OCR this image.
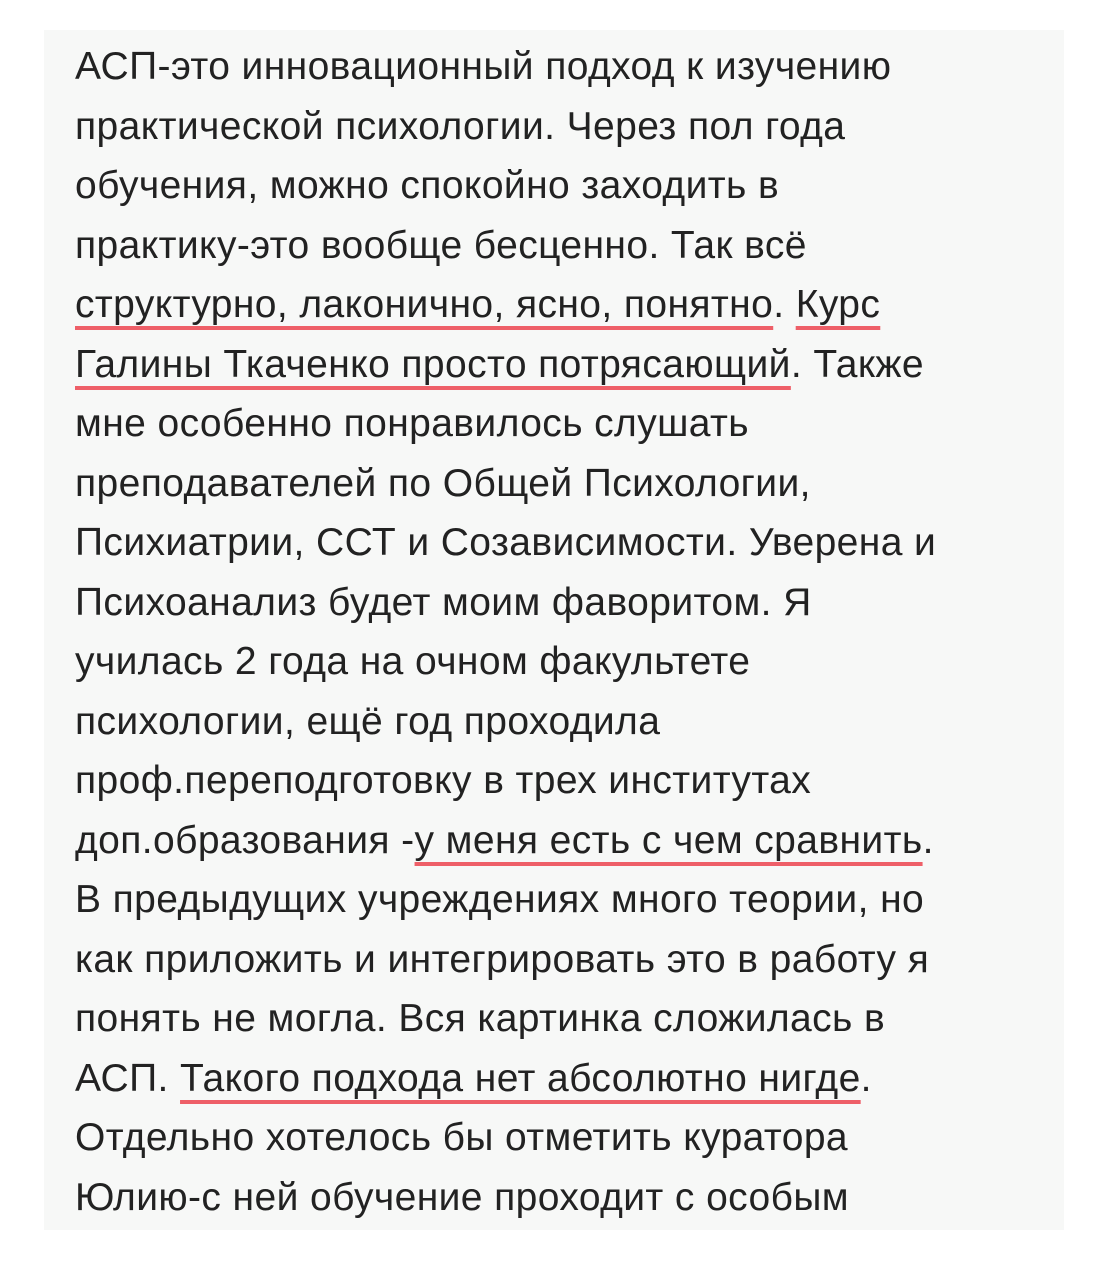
АСП-это инновационный подход к изучению
практической психологии. Через пол года
обучения, можно спокойно заходить в
практику-это вообще бесценно. Так всё
структурно, лаконично, ясно, понятно. Курс
Галины Ткаченко просто потрясающий. Также
мне особенно понравилось слушать
преподавателей по Общей Психологии,
Психиатрии, ССТ и Созависимости. Уверена и
Психоанализ будет моим фаворитом. Я
училась 2 года на очном факультете
психологии, ещё год проходила
проф.переподготовку в трех институтах
доп.образования -у меня есть с чем сравнить.
В предыдущих учреждениях много теории, но
как приложить и интегрировать это в работу я
понять не могла. Вся картинка сложилась в
АСП. Такого подхода нет абсолютно нигде.
Отдельно хотелось бы отметить куратора
Юлию-с ней обучение проходит с особым
